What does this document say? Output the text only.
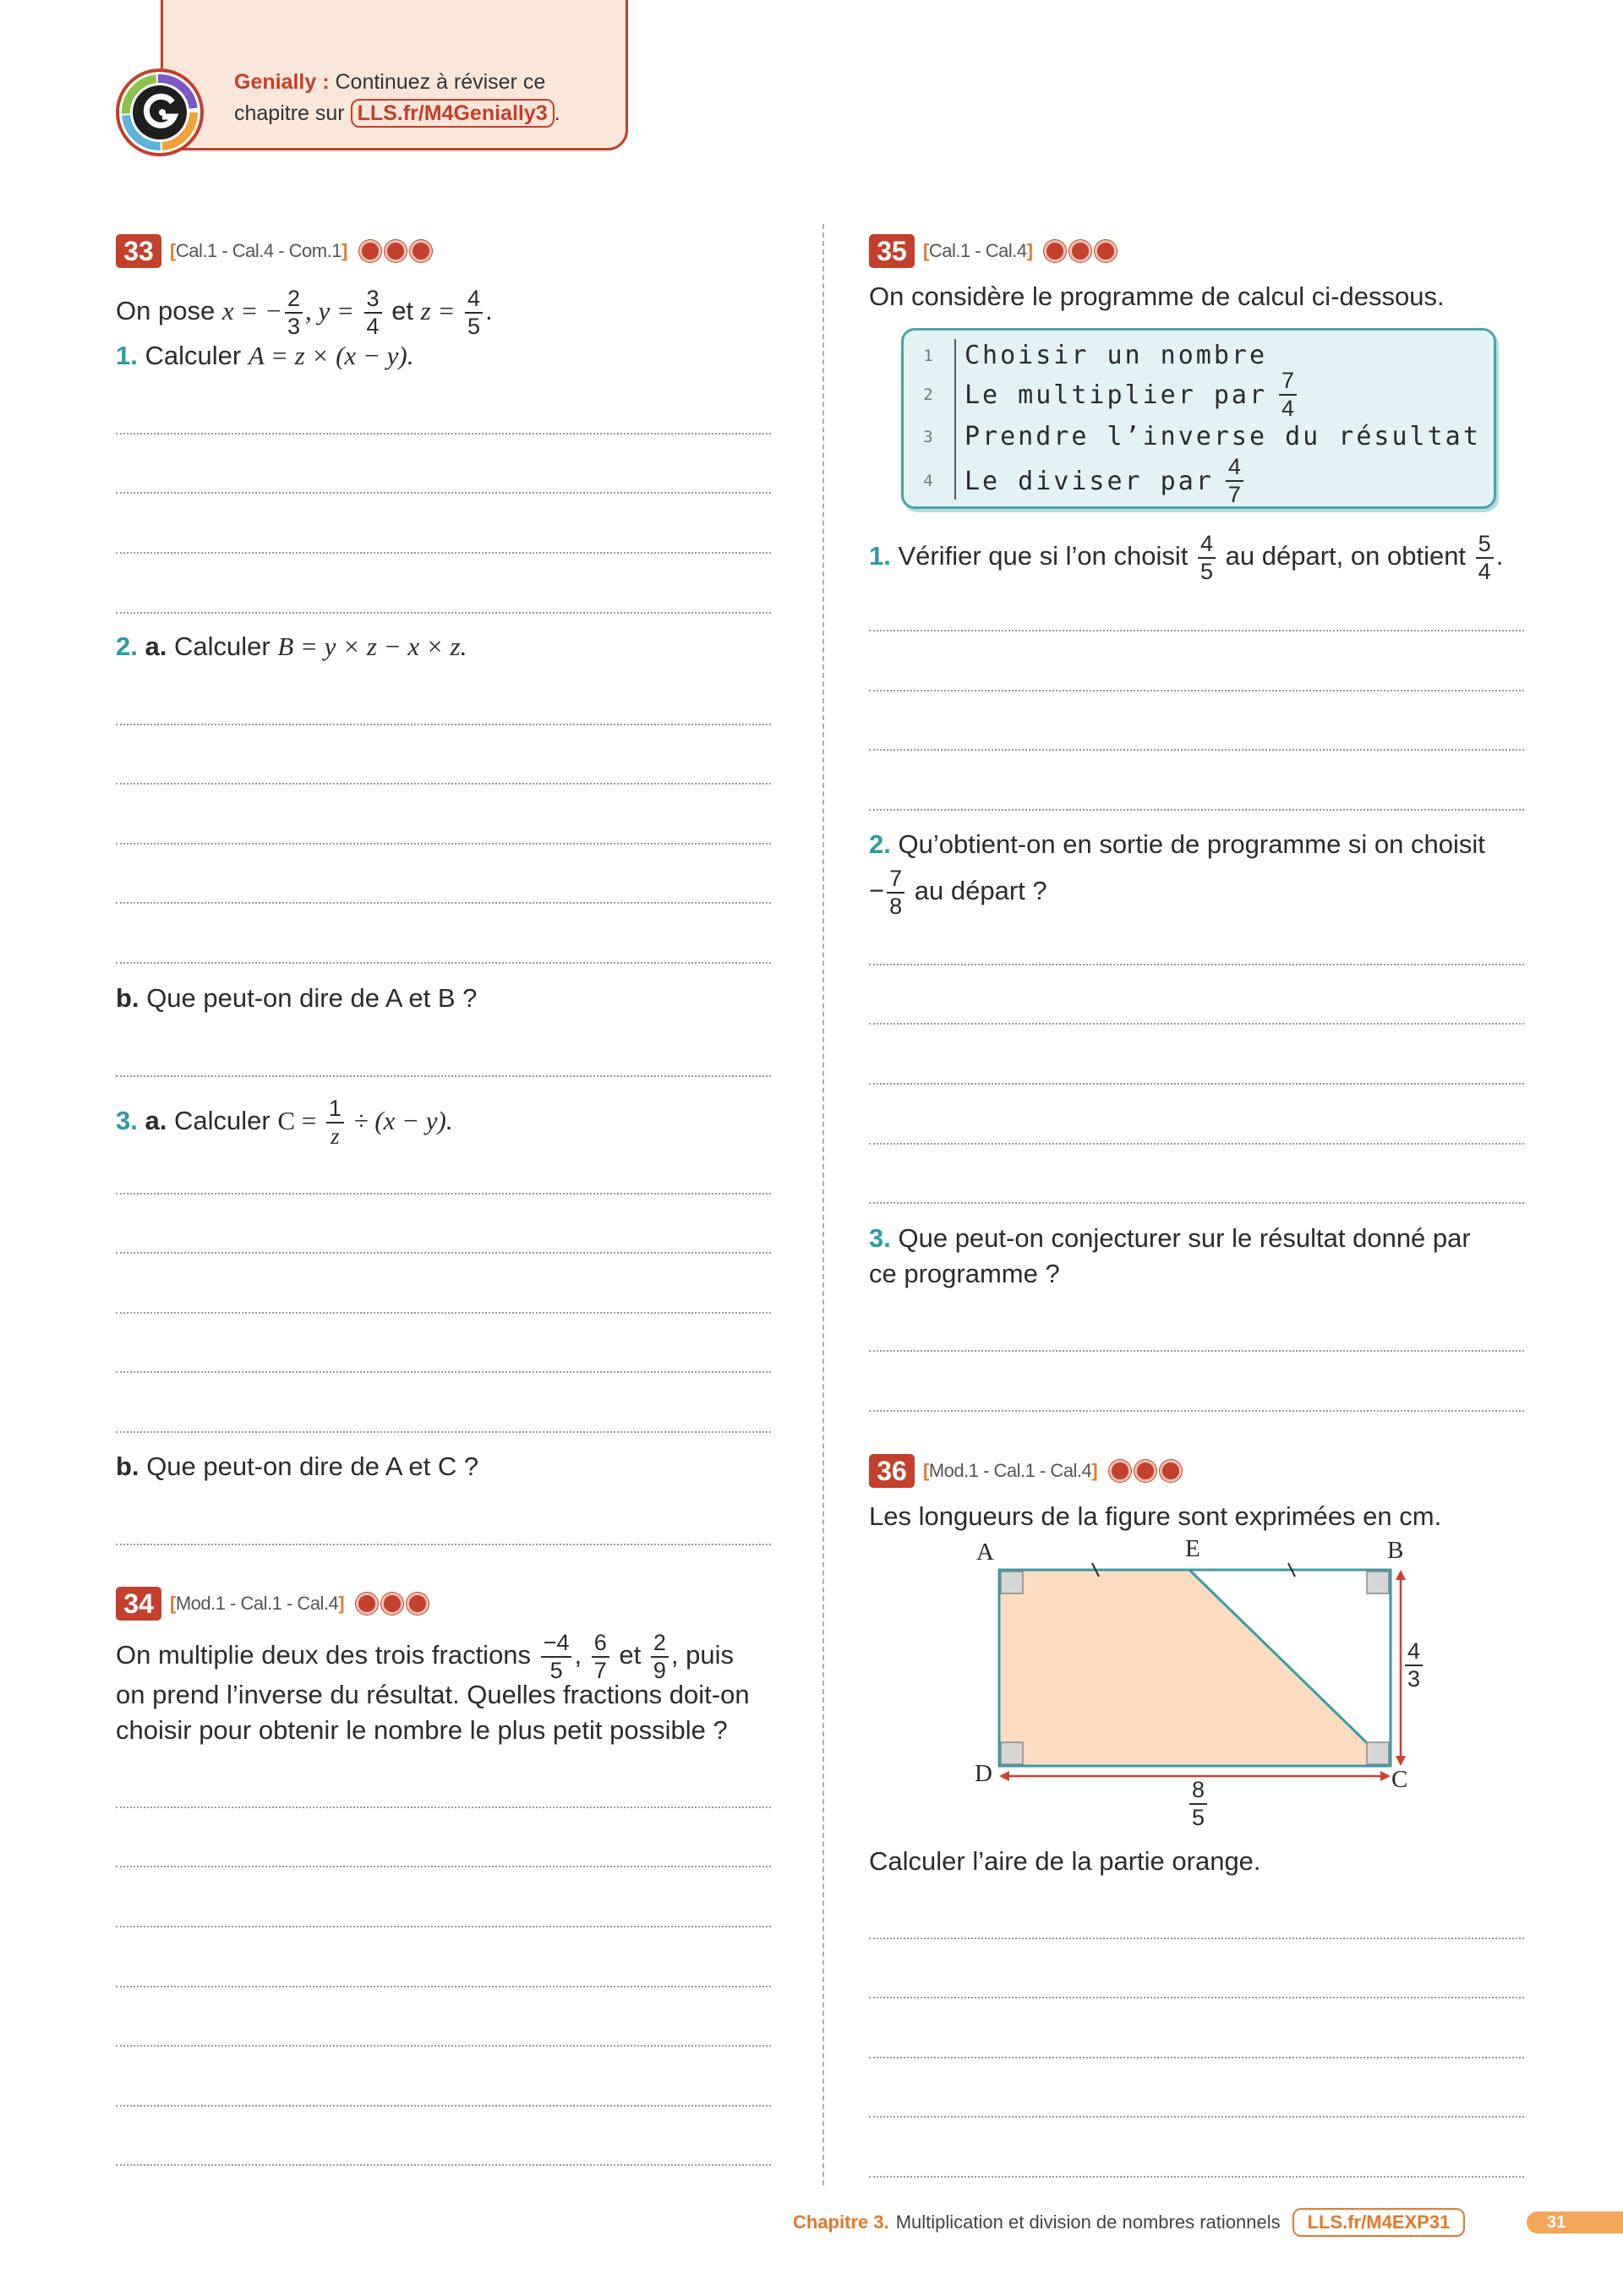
Genially : Continuez à réviser ce
chapitre sur LLS.fr/M4Genially3 .
33 [Cal.1 - Cal.4 - Com.1]
On pose x = − $\frac{2}{3}$ , $y = \frac{3}{4}$ et $z = \frac{4}{5}$ .
1. Calculer A = z × (x − y).
2. a. Calculer B = y × z − x × z.
b. Que peut-on dire de A et B ?
3. a. Calculer $C = \frac{1}{z} \div (x - y)$.
b. Que peut-on dire de A et C ?
34 [Mod.1 - Cal.1 - Cal.4]
On multiplie deux des trois fractions $\frac{-4}{5}$ , $\frac{6}{7}$ et $\frac{2}{9}$ , puis
on prend l’inverse du résultat. Quelles fractions doit-on
choisir pour obtenir le nombre le plus petit possible ?
35 [Cal.1 - Cal.4]
On considère le programme de calcul ci-dessous.
1	Choisir un nombre
2	Le multiplier par $\frac{7}{4}$
3	Prendre l’inverse du résultat
4	Le diviser par $\frac{4}{7}$
1. Vérifier que si l’on choisit $\frac{4}{5}$ au départ, on obtient $\frac{5}{4}$ .
2. Qu’obtient-on en sortie de programme si on choisit
− $\frac{7}{8}$ au départ ?
3. Que peut-on conjecturer sur le résultat donné par
ce programme ?
36 [Mod.1 - Cal.1 - Cal.4]
Les longueurs de la figure sont exprimées en cm.
A	E	B
D	C
$\frac{8}{5}$
$\frac{4}{3}$
Calculer l’aire de la partie orange.
Chapitre 3. Multiplication et division de nombres rationnels	LLS.fr/M4EXP31	31
